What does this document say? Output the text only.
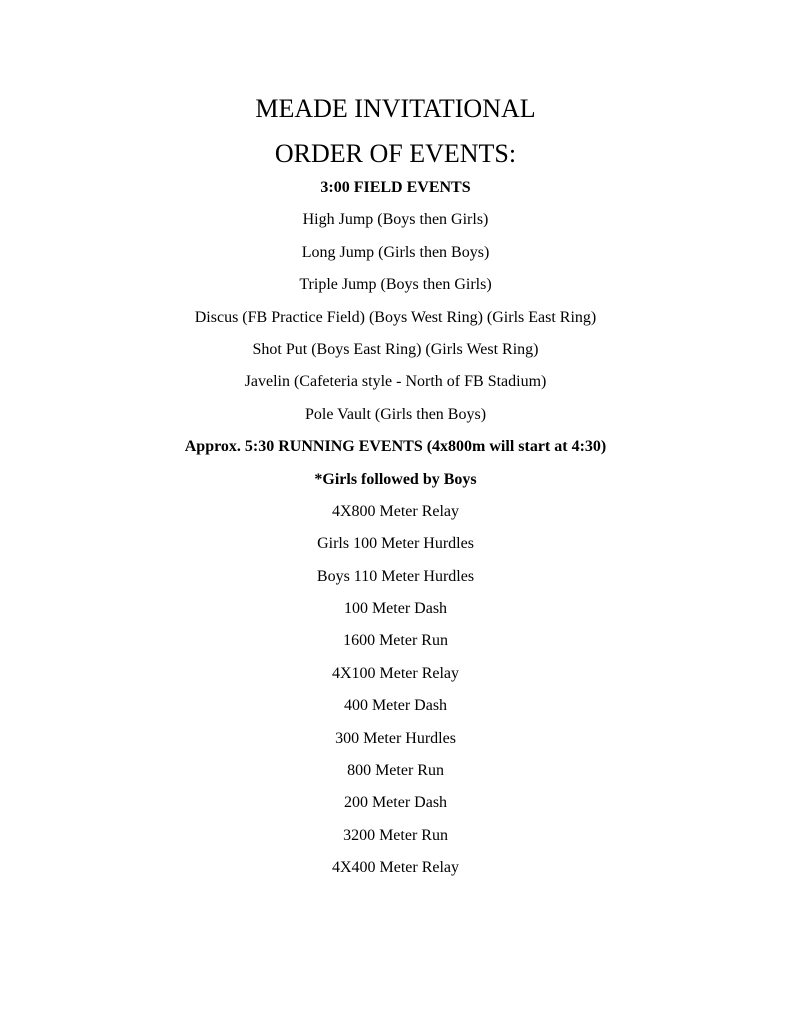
MEADE INVITATIONAL
ORDER OF EVENTS:

3:00 FIELD EVENTS

High Jump (Boys then Girls)
Long Jump (Girls then Boys)
Triple Jump (Boys then Girls)
Discus (FB Practice Field) (Boys West Ring) (Girls East Ring)
Shot Put (Boys East Ring) (Girls West Ring)
Javelin (Cafeteria style - North of FB Stadium)
Pole Vault (Girls then Boys)

Approx. 5:30 RUNNING EVENTS (4x800m will start at 4:30)

*Girls followed by Boys

4X800 Meter Relay
Girls 100 Meter Hurdles
Boys 110 Meter Hurdles
100 Meter Dash
1600 Meter Run
4X100 Meter Relay
400 Meter Dash
300 Meter Hurdles
800 Meter Run
200 Meter Dash
3200 Meter Run
4X400 Meter Relay
